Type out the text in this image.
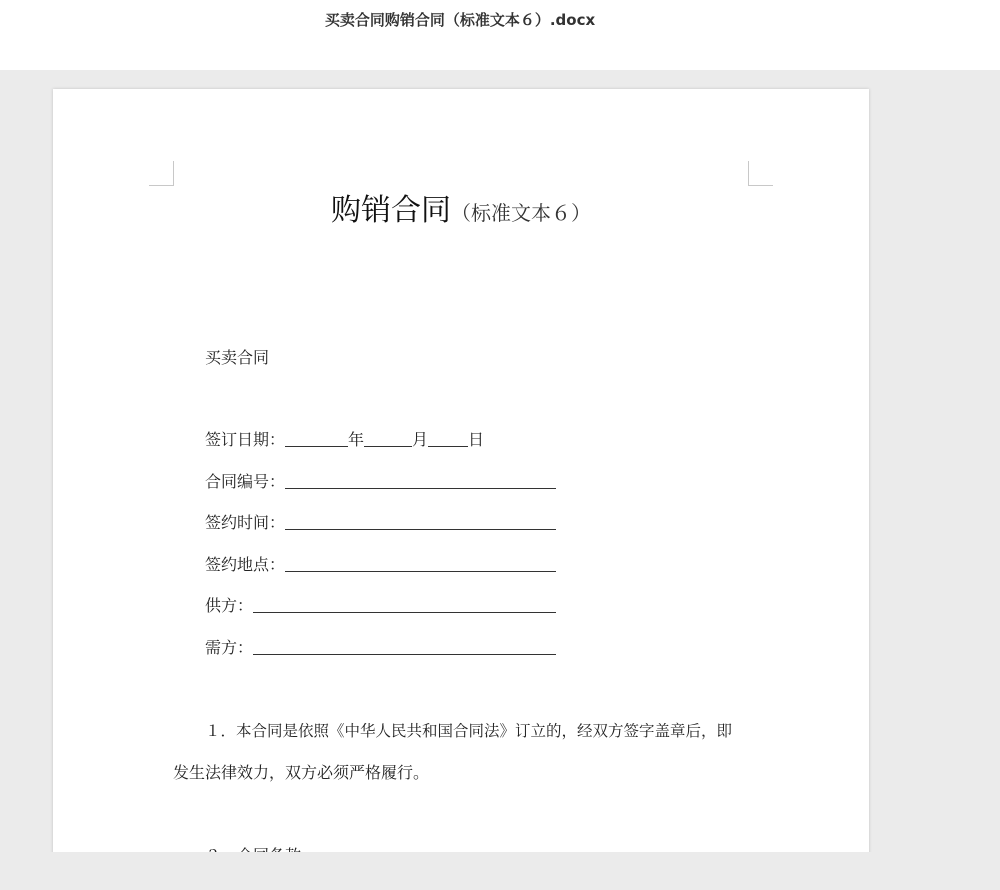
买卖合同购销合同（标准文本６）.docx
购销合同（标准文本６）
买卖合同
签订日期：	年	月	日
合同编号：
签约时间：
签约地点：
供方：
需方：
１．本合同是依照《中华人民共和国合同法》订立的，经双方签字盖章后，即
发生法律效力，双方必须严格履行。
